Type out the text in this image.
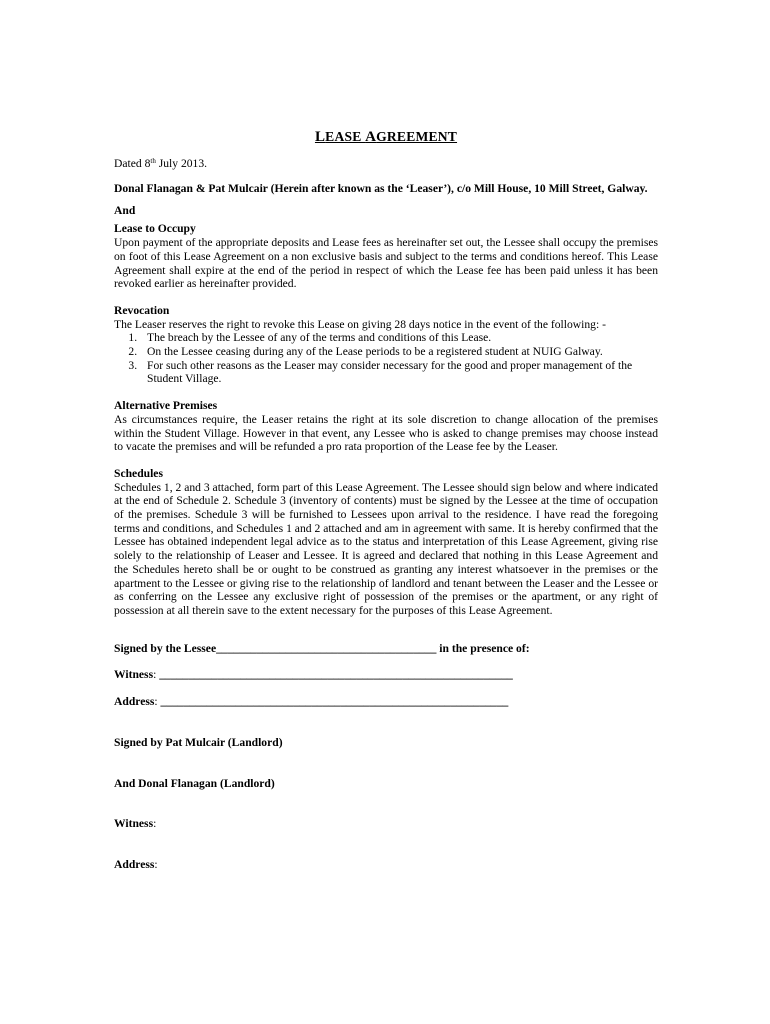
LEASE AGREEMENT

Dated 8th July 2013.

Donal Flanagan & Pat Mulcair (Herein after known as the ‘Leaser’), c/o Mill House, 10 Mill Street, Galway.

And

Lease to Occupy

Upon payment of the appropriate deposits and Lease fees as hereinafter set out, the Lessee shall occupy the premises on foot of this Lease Agreement on a non exclusive basis and subject to the terms and conditions hereof. This Lease Agreement shall expire at the end of the period in respect of which the Lease fee has been paid unless it has been revoked earlier as hereinafter provided.

Revocation

The Leaser reserves the right to revoke this Lease on giving 28 days notice in the event of the following: -

1. The breach by the Lessee of any of the terms and conditions of this Lease.
2. On the Lessee ceasing during any of the Lease periods to be a registered student at NUIG Galway.
3. For such other reasons as the Leaser may consider necessary for the good and proper management of the Student Village.

Alternative Premises

As circumstances require, the Leaser retains the right at its sole discretion to change allocation of the premises within the Student Village. However in that event, any Lessee who is asked to change premises may choose instead to vacate the premises and will be refunded a pro rata proportion of the Lease fee by the Leaser.

Schedules

Schedules 1, 2 and 3 attached, form part of this Lease Agreement. The Lessee should sign below and where indicated at the end of Schedule 2. Schedule 3 (inventory of contents) must be signed by the Lessee at the time of occupation of the premises. Schedule 3 will be furnished to Lessees upon arrival to the residence. I have read the foregoing terms and conditions, and Schedules 1 and 2 attached and am in agreement with same. It is hereby confirmed that the Lessee has obtained independent legal advice as to the status and interpretation of this Lease Agreement, giving rise solely to the relationship of Leaser and Lessee. It is agreed and declared that nothing in this Lease Agreement and the Schedules hereto shall be or ought to be construed as granting any interest whatsoever in the premises or the apartment to the Lessee or giving rise to the relationship of landlord and tenant between the Leaser and the Lessee or as conferring on the Lessee any exclusive right of possession of the premises or the apartment, or any right of possession at all therein save to the extent necessary for the purposes of this Lease Agreement.

Signed by the Lessee______________________________________ in the presence of:

Witness: _____________________________________________________________

Address: ____________________________________________________________

Signed by Pat Mulcair (Landlord)

And Donal Flanagan (Landlord)

Witness:

Address:
